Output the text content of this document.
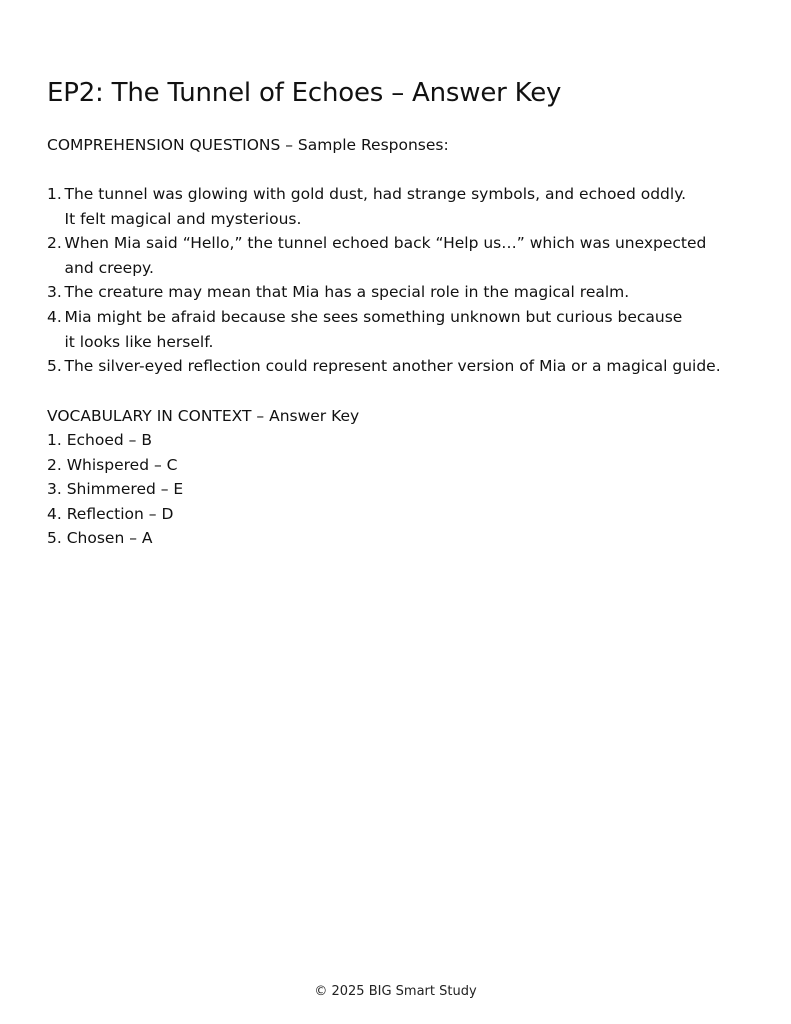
EP2: The Tunnel of Echoes – Answer Key
COMPREHENSION QUESTIONS – Sample Responses:
1. The tunnel was glowing with gold dust, had strange symbols, and echoed oddly.
It felt magical and mysterious.
2. When Mia said “Hello,” the tunnel echoed back “Help us…” which was unexpected
and creepy.
3. The creature may mean that Mia has a special role in the magical realm.
4. Mia might be afraid because she sees something unknown but curious because
it looks like herself.
5. The silver-eyed reflection could represent another version of Mia or a magical guide.
VOCABULARY IN CONTEXT – Answer Key
1. Echoed – B
2. Whispered – C
3. Shimmered – E
4. Reflection – D
5. Chosen – A
© 2025 BIG Smart Study
